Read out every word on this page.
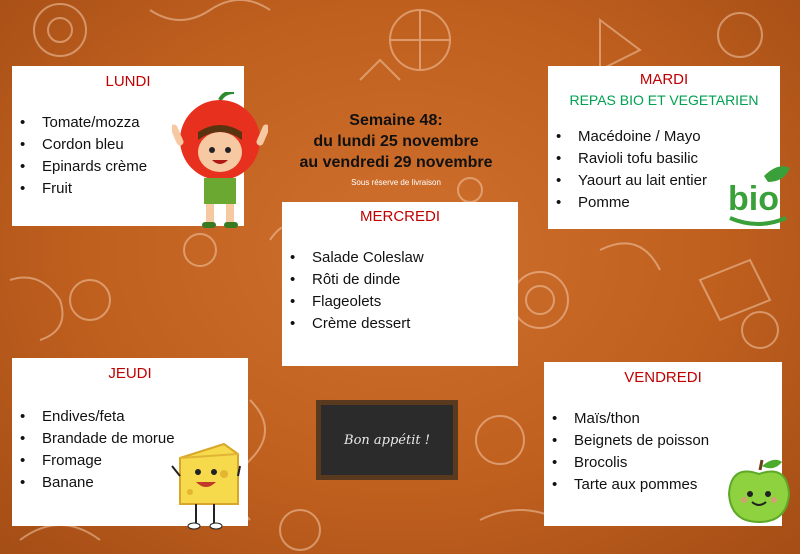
LUNDI
• Tomate/mozza
• Cordon bleu
• Epinards crème
• Fruit
MARDI
REPAS BIO ET VEGETARIEN
• Macédoine / Mayo
• Ravioli tofu basilic
• Yaourt au lait entier
• Pomme
MERCREDI
• Salade Coleslaw
• Rôti de dinde
• Flageolets
• Crème dessert
JEUDI
• Endives/feta
• Brandade de morue
• Fromage
• Banane
VENDREDI
• Maïs/thon
• Beignets de poisson
• Brocolis
• Tarte aux pommes
Semaine 48:
du lundi 25 novembre
au vendredi 29 novembre
Sous réserve de livraison
Bon appétit !
bio
